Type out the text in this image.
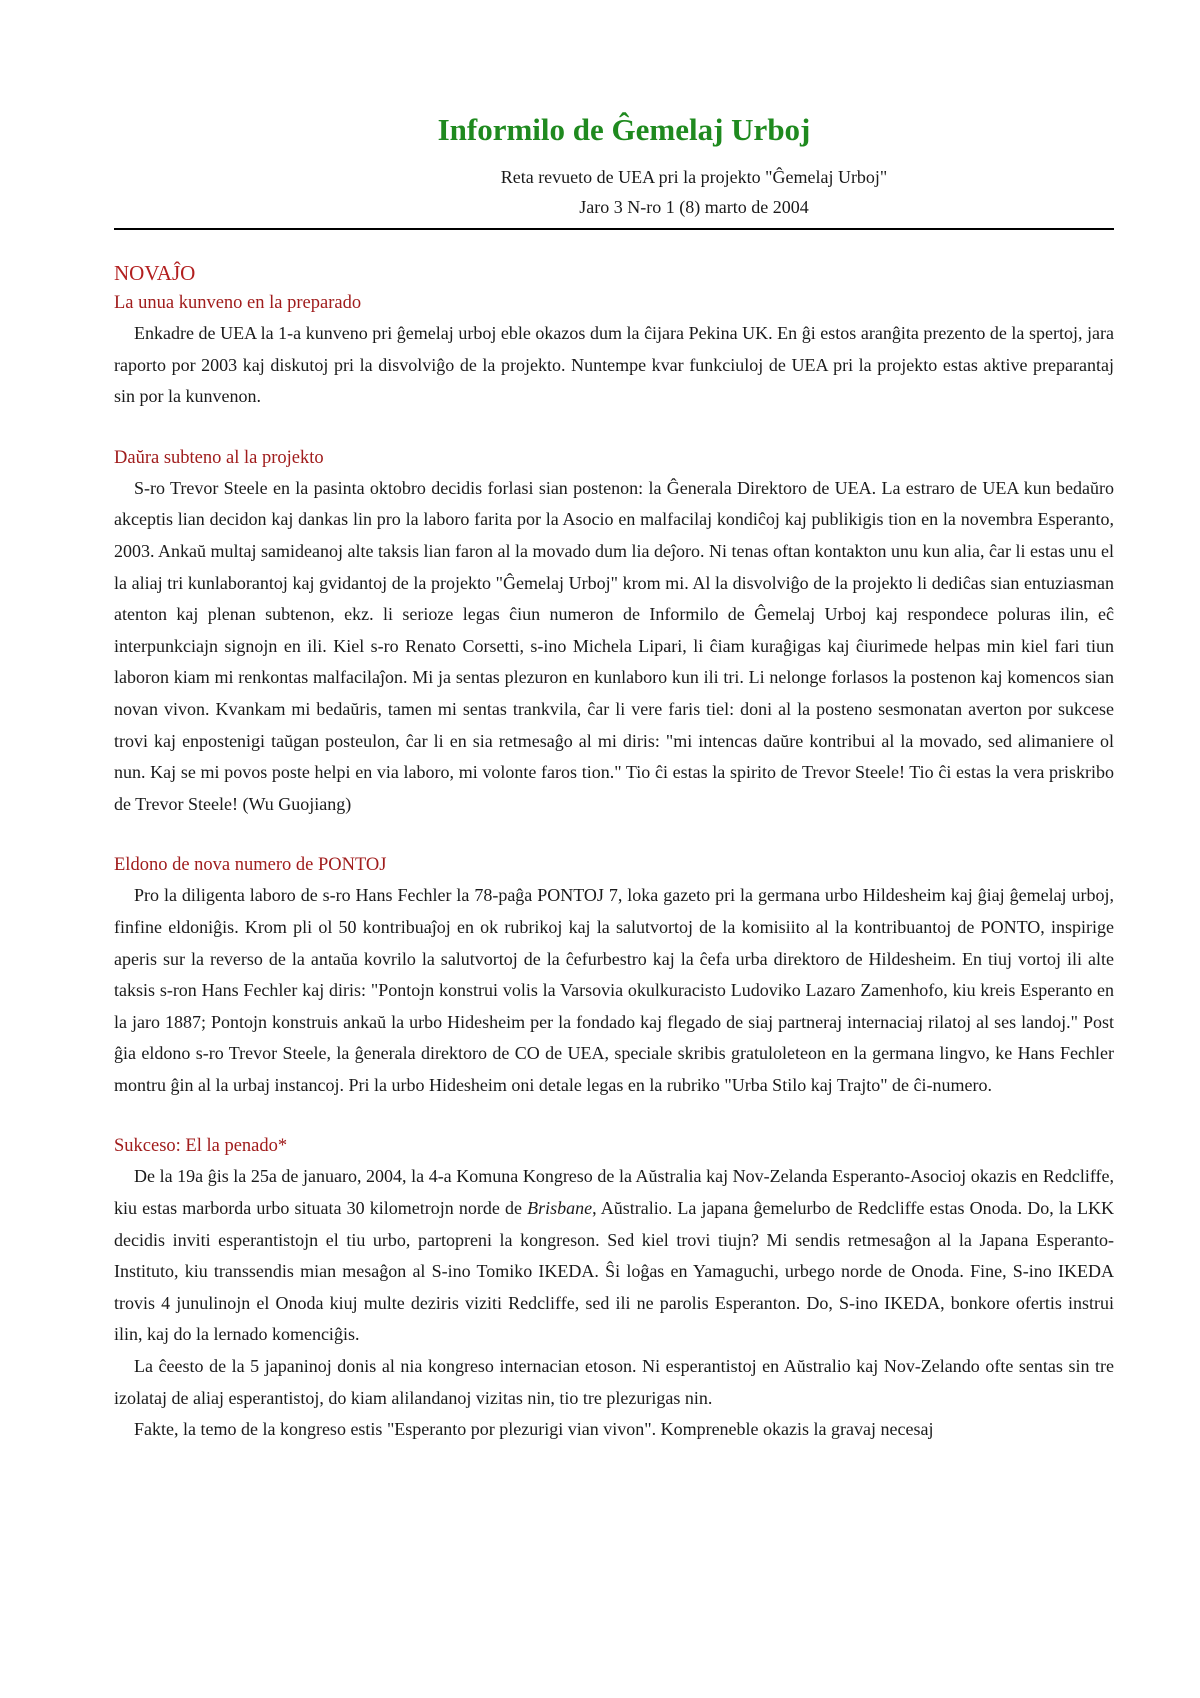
Informilo de Ĝemelaj Urboj

Reta revueto de UEA pri la projekto "Ĝemelaj Urboj"

Jaro 3 N-ro 1 (8) marto de 2004

NOVAĴO
La unua kunveno en la preparado

Enkadre de UEA la 1-a kunveno pri ĝemelaj urboj eble okazos dum la ĉijara Pekina UK. En ĝi estos aranĝita prezento de la spertoj, jara raporto por 2003 kaj diskutoj pri la disvolviĝo de la projekto. Nuntempe kvar funkciuloj de UEA pri la projekto estas aktive preparantaj sin por la kunvenon.

Daŭra subteno al la projekto

S-ro Trevor Steele en la pasinta oktobro decidis forlasi sian postenon: la Ĝenerala Direktoro de UEA. La estraro de UEA kun bedaŭro akceptis lian decidon kaj dankas lin pro la laboro farita por la Asocio en malfacilaj kondiĉoj kaj publikigis tion en la novembra Esperanto, 2003. Ankaŭ multaj samideanoj alte taksis lian faron al la movado dum lia deĵoro. Ni tenas oftan kontakton unu kun alia, ĉar li estas unu el la aliaj tri kunlaborantoj kaj gvidantoj de la projekto "Ĝemelaj Urboj" krom mi. Al la disvolviĝo de la projekto li dediĉas sian entuziasman atenton kaj plenan subtenon, ekz. li serioze legas ĉiun numeron de Informilo de Ĝemelaj Urboj kaj respondece poluras ilin, eĉ interpunkciajn signojn en ili. Kiel s-ro Renato Corsetti, s-ino Michela Lipari, li ĉiam kuraĝigas kaj ĉiurimede helpas min kiel fari tiun laboron kiam mi renkontas malfacilaĵon. Mi ja sentas plezuron en kunlaboro kun ili tri. Li nelonge forlasos la postenon kaj komencos sian novan vivon. Kvankam mi bedaŭris, tamen mi sentas trankvila, ĉar li vere faris tiel: doni al la posteno sesmonatan averton por sukcese trovi kaj enpostenigi taŭgan posteulon, ĉar li en sia retmesaĝo al mi diris: "mi intencas daŭre kontribui al la movado, sed alimaniere ol nun. Kaj se mi povos poste helpi en via laboro, mi volonte faros tion." Tio ĉi estas la spirito de Trevor Steele! Tio ĉi estas la vera priskribo de Trevor Steele! (Wu Guojiang)

Eldono de nova numero de PONTOJ

Pro la diligenta laboro de s-ro Hans Fechler la 78-paĝa PONTOJ 7, loka gazeto pri la germana urbo Hildesheim kaj ĝiaj ĝemelaj urboj, finfine eldoniĝis. Krom pli ol 50 kontribuaĵoj en ok rubrikoj kaj la salutvortoj de la komisiito al la kontribuantoj de PONTO, inspirige aperis sur la reverso de la antaŭa kovrilo la salutvortoj de la ĉefurbestro kaj la ĉefa urba direktoro de Hildesheim. En tiuj vortoj ili alte taksis s-ron Hans Fechler kaj diris: "Pontojn konstrui volis la Varsovia okulkuracisto Ludoviko Lazaro Zamenhofo, kiu kreis Esperanto en la jaro 1887; Pontojn konstruis ankaŭ la urbo Hidesheim per la fondado kaj flegado de siaj partneraj internaciaj rilatoj al ses landoj." Post ĝia eldono s-ro Trevor Steele, la ĝenerala direktoro de CO de UEA, speciale skribis gratuloleteon en la germana lingvo, ke Hans Fechler montru ĝin al la urbaj instancoj. Pri la urbo Hidesheim oni detale legas en la rubriko "Urba Stilo kaj Trajto" de ĉi-numero.

Sukceso: El la penado*

De la 19a ĝis la 25a de januaro, 2004, la 4-a Komuna Kongreso de la Aŭstralia kaj Nov-Zelanda Esperanto-Asocioj okazis en Redcliffe, kiu estas marborda urbo situata 30 kilometrojn norde de Brisbane, Aŭstralio. La japana ĝemelurbo de Redcliffe estas Onoda. Do, la LKK decidis inviti esperantistojn el tiu urbo, partopreni la kongreson. Sed kiel trovi tiujn? Mi sendis retmesaĝon al la Japana Esperanto-Instituto, kiu transsendis mian mesaĝon al S-ino Tomiko IKEDA. Ŝi loĝas en Yamaguchi, urbego norde de Onoda. Fine, S-ino IKEDA trovis 4 junulinojn el Onoda kiuj multe deziris viziti Redcliffe, sed ili ne parolis Esperanton. Do, S-ino IKEDA, bonkore ofertis instrui ilin, kaj do la lernado komenciĝis.

La ĉeesto de la 5 japaninoj donis al nia kongreso internacian etoson. Ni esperantistoj en Aŭstralio kaj Nov-Zelando ofte sentas sin tre izolataj de aliaj esperantistoj, do kiam alilandanoj vizitas nin, tio tre plezurigas nin.

Fakte, la temo de la kongreso estis "Esperanto por plezurigi vian vivon". Kompreneble okazis la gravaj necesaj
